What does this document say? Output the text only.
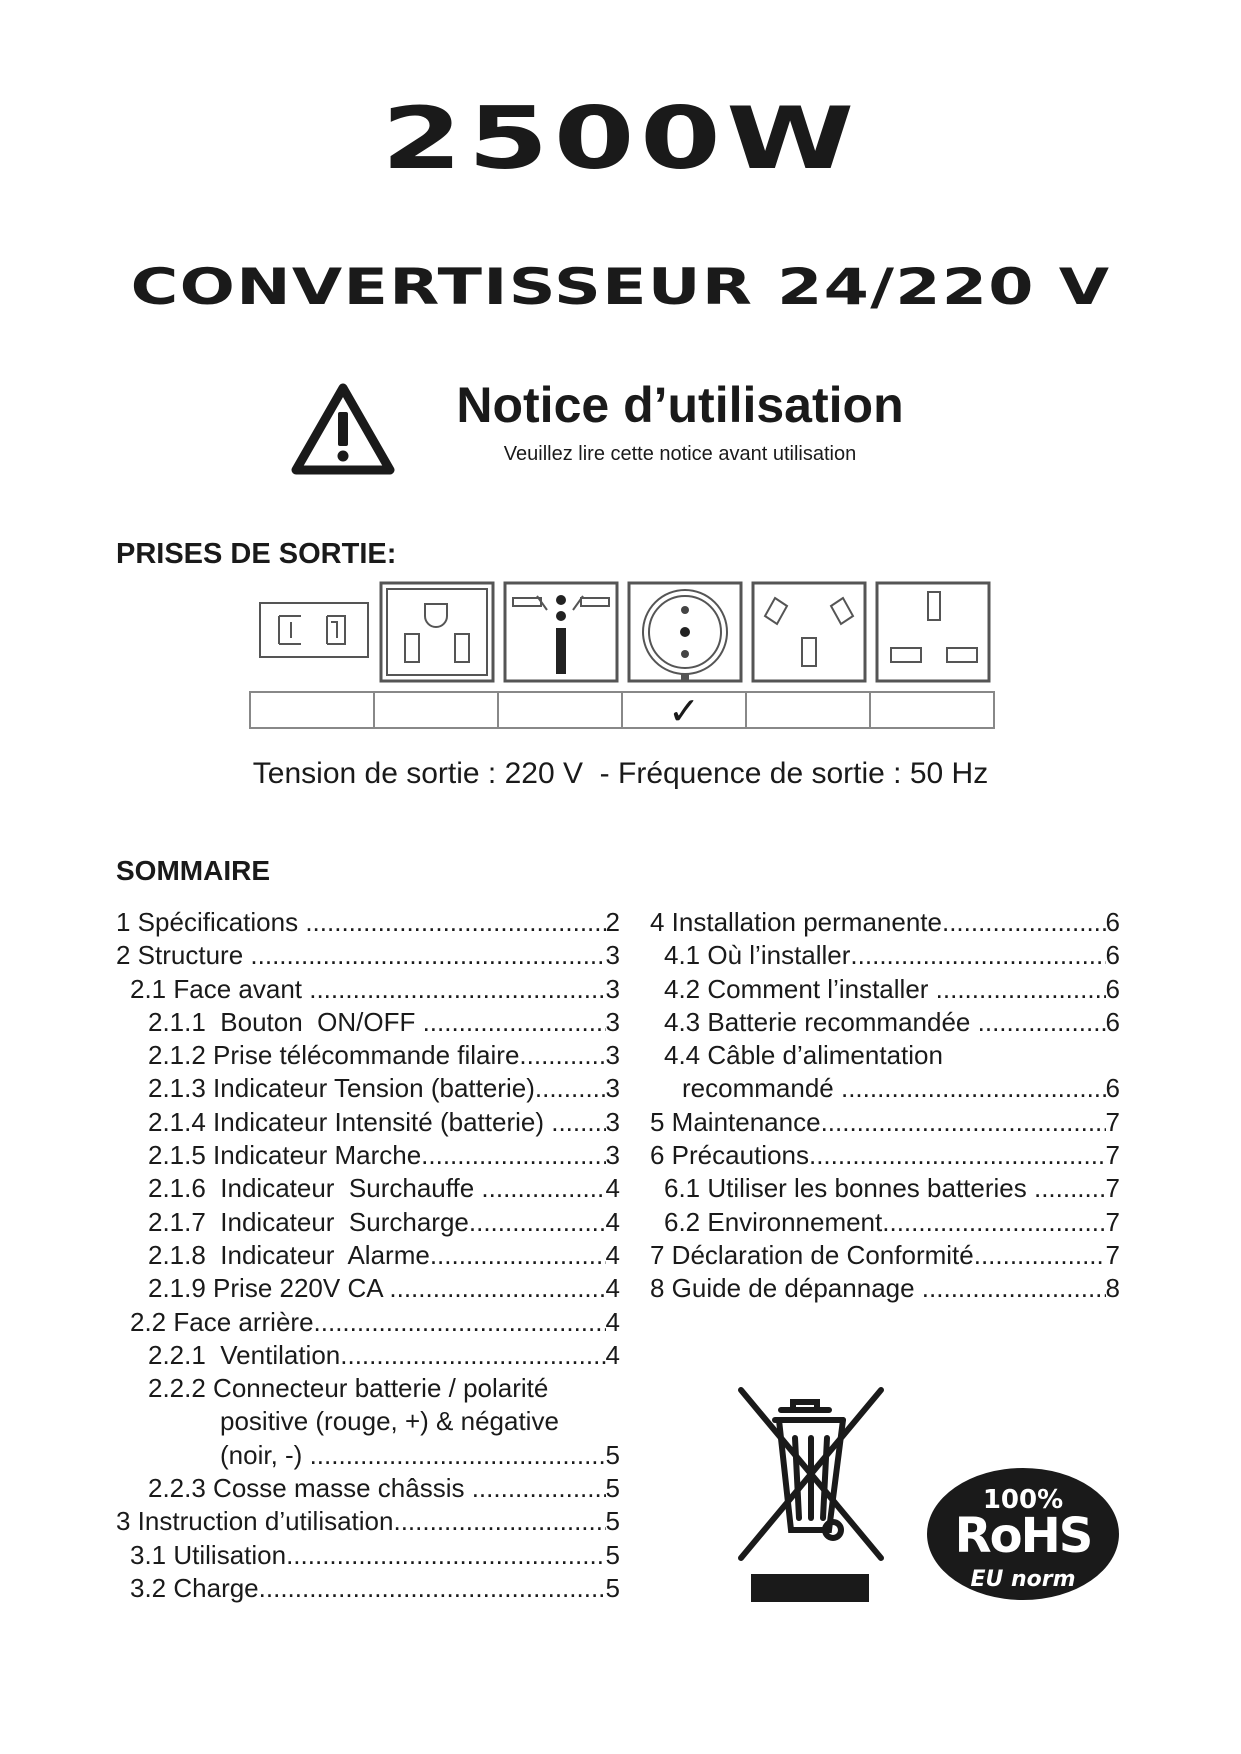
2500W
CONVERTISSEUR 24/220 V
Notice d’utilisation
Veuillez lire cette notice avant utilisation
PRISES DE SORTIE:
✓
Tension de sortie : 220 V  - Fréquence de sortie : 50 Hz
SOMMAIRE
1 Spécifications .....	2
2 Structure .....	3
2.1 Face avant .....	3
2.1.1  Bouton  ON/OFF .....	3
2.1.2 Prise télécommande filaire .....	3
2.1.3 Indicateur Tension (batterie) .....	3
2.1.4 Indicateur Intensité (batterie) ..... 3
2.1.5 Indicateur Marche .....	3
2.1.6  Indicateur  Surchauffe .....	4
2.1.7  Indicateur  Surcharge .....	4
2.1.8  Indicateur  Alarme .....	4
2.1.9 Prise 220V CA .....	4
2.2 Face arrière .....	4
2.2.1  Ventilation .....	4
2.2.2 Connecteur batterie / polarité
positive (rouge, +) & négative
(noir, -) .....	5
2.2.3 Cosse masse châssis .....	5
3 Instruction d’utilisation .....	5
3.1 Utilisation .....	5
3.2 Charge .....	5
4 Installation permanente .....	6
4.1 Où l’installer .....	6
4.2 Comment l’installer .....	6
4.3 Batterie recommandée .....	6
4.4 Câble d’alimentation
recommandé .....	6
5 Maintenance .....	7
6 Précautions .....	7
6.1 Utiliser les bonnes batteries .....	7
6.2 Environnement .....	7
7 Déclaration de Conformité .....	7
8 Guide de dépannage .....	8
100%
RoHS
EU norm
